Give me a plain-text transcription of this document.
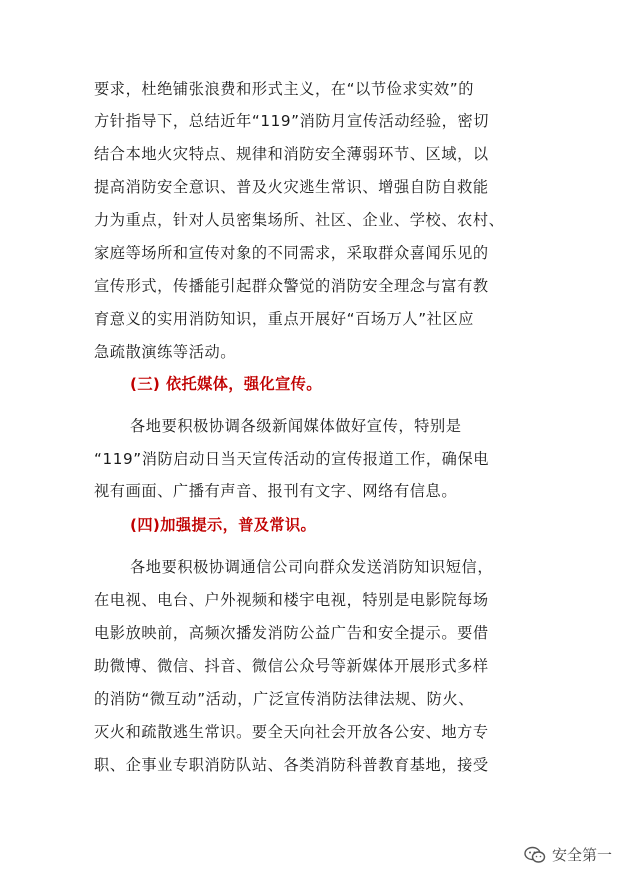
要求，杜绝铺张浪费和形式主义，在“以节俭求实效”的
方针指导下，总结近年“119”消防月宣传活动经验，密切
结合本地火灾特点、规律和消防安全薄弱环节、区域，以
提高消防安全意识、普及火灾逃生常识、增强自防自救能
力为重点，针对人员密集场所、社区、企业、学校、农村、
家庭等场所和宣传对象的不同需求，采取群众喜闻乐见的
宣传形式，传播能引起群众警觉的消防安全理念与富有教
育意义的实用消防知识，重点开展好“百场万人”社区应
急疏散演练等活动。
(三) 依托媒体，强化宣传。
各地要积极协调各级新闻媒体做好宣传，特别是
“119”消防启动日当天宣传活动的宣传报道工作，确保电
视有画面、广播有声音、报刊有文字、网络有信息。
(四)加强提示，普及常识。
各地要积极协调通信公司向群众发送消防知识短信，
在电视、电台、户外视频和楼宇电视，特别是电影院每场
电影放映前，高频次播发消防公益广告和安全提示。要借
助微博、微信、抖音、微信公众号等新媒体开展形式多样
的消防“微互动”活动，广泛宣传消防法律法规、防火、
灭火和疏散逃生常识。要全天向社会开放各公安、地方专
职、企事业专职消防队站、各类消防科普教育基地，接受
安全第一
